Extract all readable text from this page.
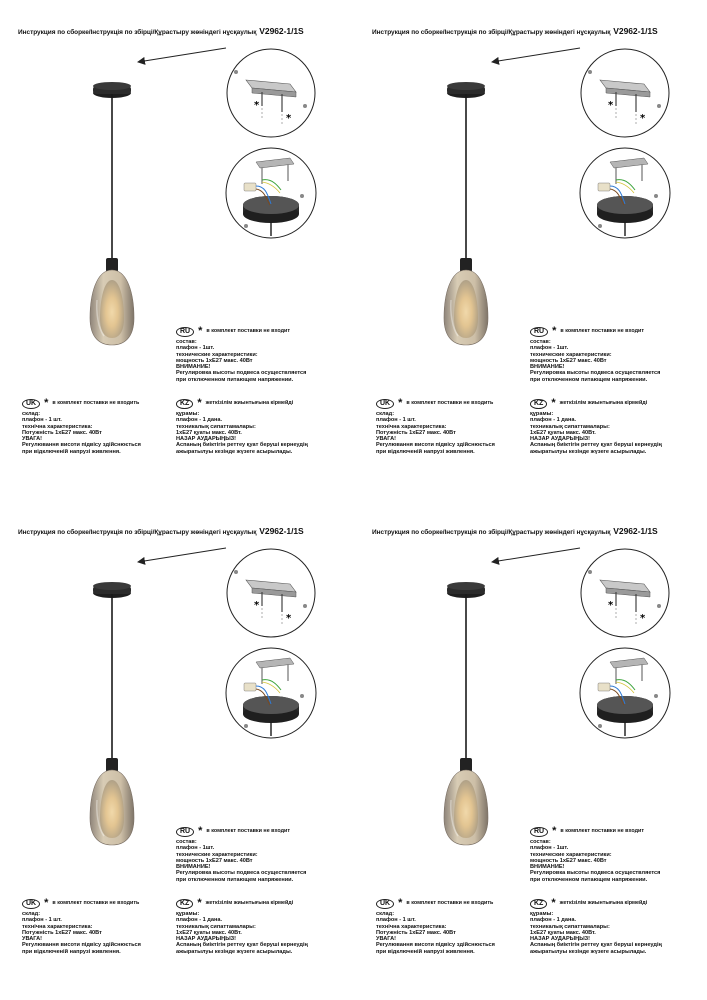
Инструкция по сборке/Інструкція по збірці/Құрастыру жөніндегі нұсқаулық V2962-1/1S
*
*
RU * в комплект поставки не входит
состав:
плафон - 1шт.
технические характеристики:
мощность 1xE27 макс. 40Вт
ВНИМАНИЕ!
Регулировка высоты подвеса осуществляется
при отключенном питающем напряжении.
UK * в комплект поставки не входить
склад:
плафон - 1 шт.
технічна характеристика:
Потужність 1xE27 макс. 40Вт
УВАГА!
Регулювання висоти підвісу здійснюється
при відключеній напрузі живлення.
KZ * жеткізілім жиынтығына кірмейді
құрамы:
плафон - 1 дана.
техникалық сипаттамалары:
1xE27 қуаты макс. 40Вт.
НАЗАР АУДАРЫҢЫЗ!
Аспаның биіктігін реттеу қуат беруші кернеудің
ажыратылуы кезінде жүзеге асырылады.
Инструкция по сборке/Інструкція по збірці/Құрастыру жөніндегі нұсқаулық V2962-1/1S
*
*
RU * в комплект поставки не входит
состав:
плафон - 1шт.
технические характеристики:
мощность 1xE27 макс. 40Вт
ВНИМАНИЕ!
Регулировка высоты подвеса осуществляется
при отключенном питающем напряжении.
UK * в комплект поставки не входить
склад:
плафон - 1 шт.
технічна характеристика:
Потужність 1xE27 макс. 40Вт
УВАГА!
Регулювання висоти підвісу здійснюється
при відключеній напрузі живлення.
KZ * жеткізілім жиынтығына кірмейді
құрамы:
плафон - 1 дана.
техникалық сипаттамалары:
1xE27 қуаты макс. 40Вт.
НАЗАР АУДАРЫҢЫЗ!
Аспаның биіктігін реттеу қуат беруші кернеудің
ажыратылуы кезінде жүзеге асырылады.
Инструкция по сборке/Інструкція по збірці/Құрастыру жөніндегі нұсқаулық V2962-1/1S
*
*
RU * в комплект поставки не входит
состав:
плафон - 1шт.
технические характеристики:
мощность 1xE27 макс. 40Вт
ВНИМАНИЕ!
Регулировка высоты подвеса осуществляется
при отключенном питающем напряжении.
UK * в комплект поставки не входить
склад:
плафон - 1 шт.
технічна характеристика:
Потужність 1xE27 макс. 40Вт
УВАГА!
Регулювання висоти підвісу здійснюється
при відключеній напрузі живлення.
KZ * жеткізілім жиынтығына кірмейді
құрамы:
плафон - 1 дана.
техникалық сипаттамалары:
1xE27 қуаты макс. 40Вт.
НАЗАР АУДАРЫҢЫЗ!
Аспаның биіктігін реттеу қуат беруші кернеудің
ажыратылуы кезінде жүзеге асырылады.
Инструкция по сборке/Інструкція по збірці/Құрастыру жөніндегі нұсқаулық V2962-1/1S
*
*
RU * в комплект поставки не входит
состав:
плафон - 1шт.
технические характеристики:
мощность 1xE27 макс. 40Вт
ВНИМАНИЕ!
Регулировка высоты подвеса осуществляется
при отключенном питающем напряжении.
UK * в комплект поставки не входить
склад:
плафон - 1 шт.
технічна характеристика:
Потужність 1xE27 макс. 40Вт
УВАГА!
Регулювання висоти підвісу здійснюється
при відключеній напрузі живлення.
KZ * жеткізілім жиынтығына кірмейді
құрамы:
плафон - 1 дана.
техникалық сипаттамалары:
1xE27 қуаты макс. 40Вт.
НАЗАР АУДАРЫҢЫЗ!
Аспаның биіктігін реттеу қуат беруші кернеудің
ажыратылуы кезінде жүзеге асырылады.
